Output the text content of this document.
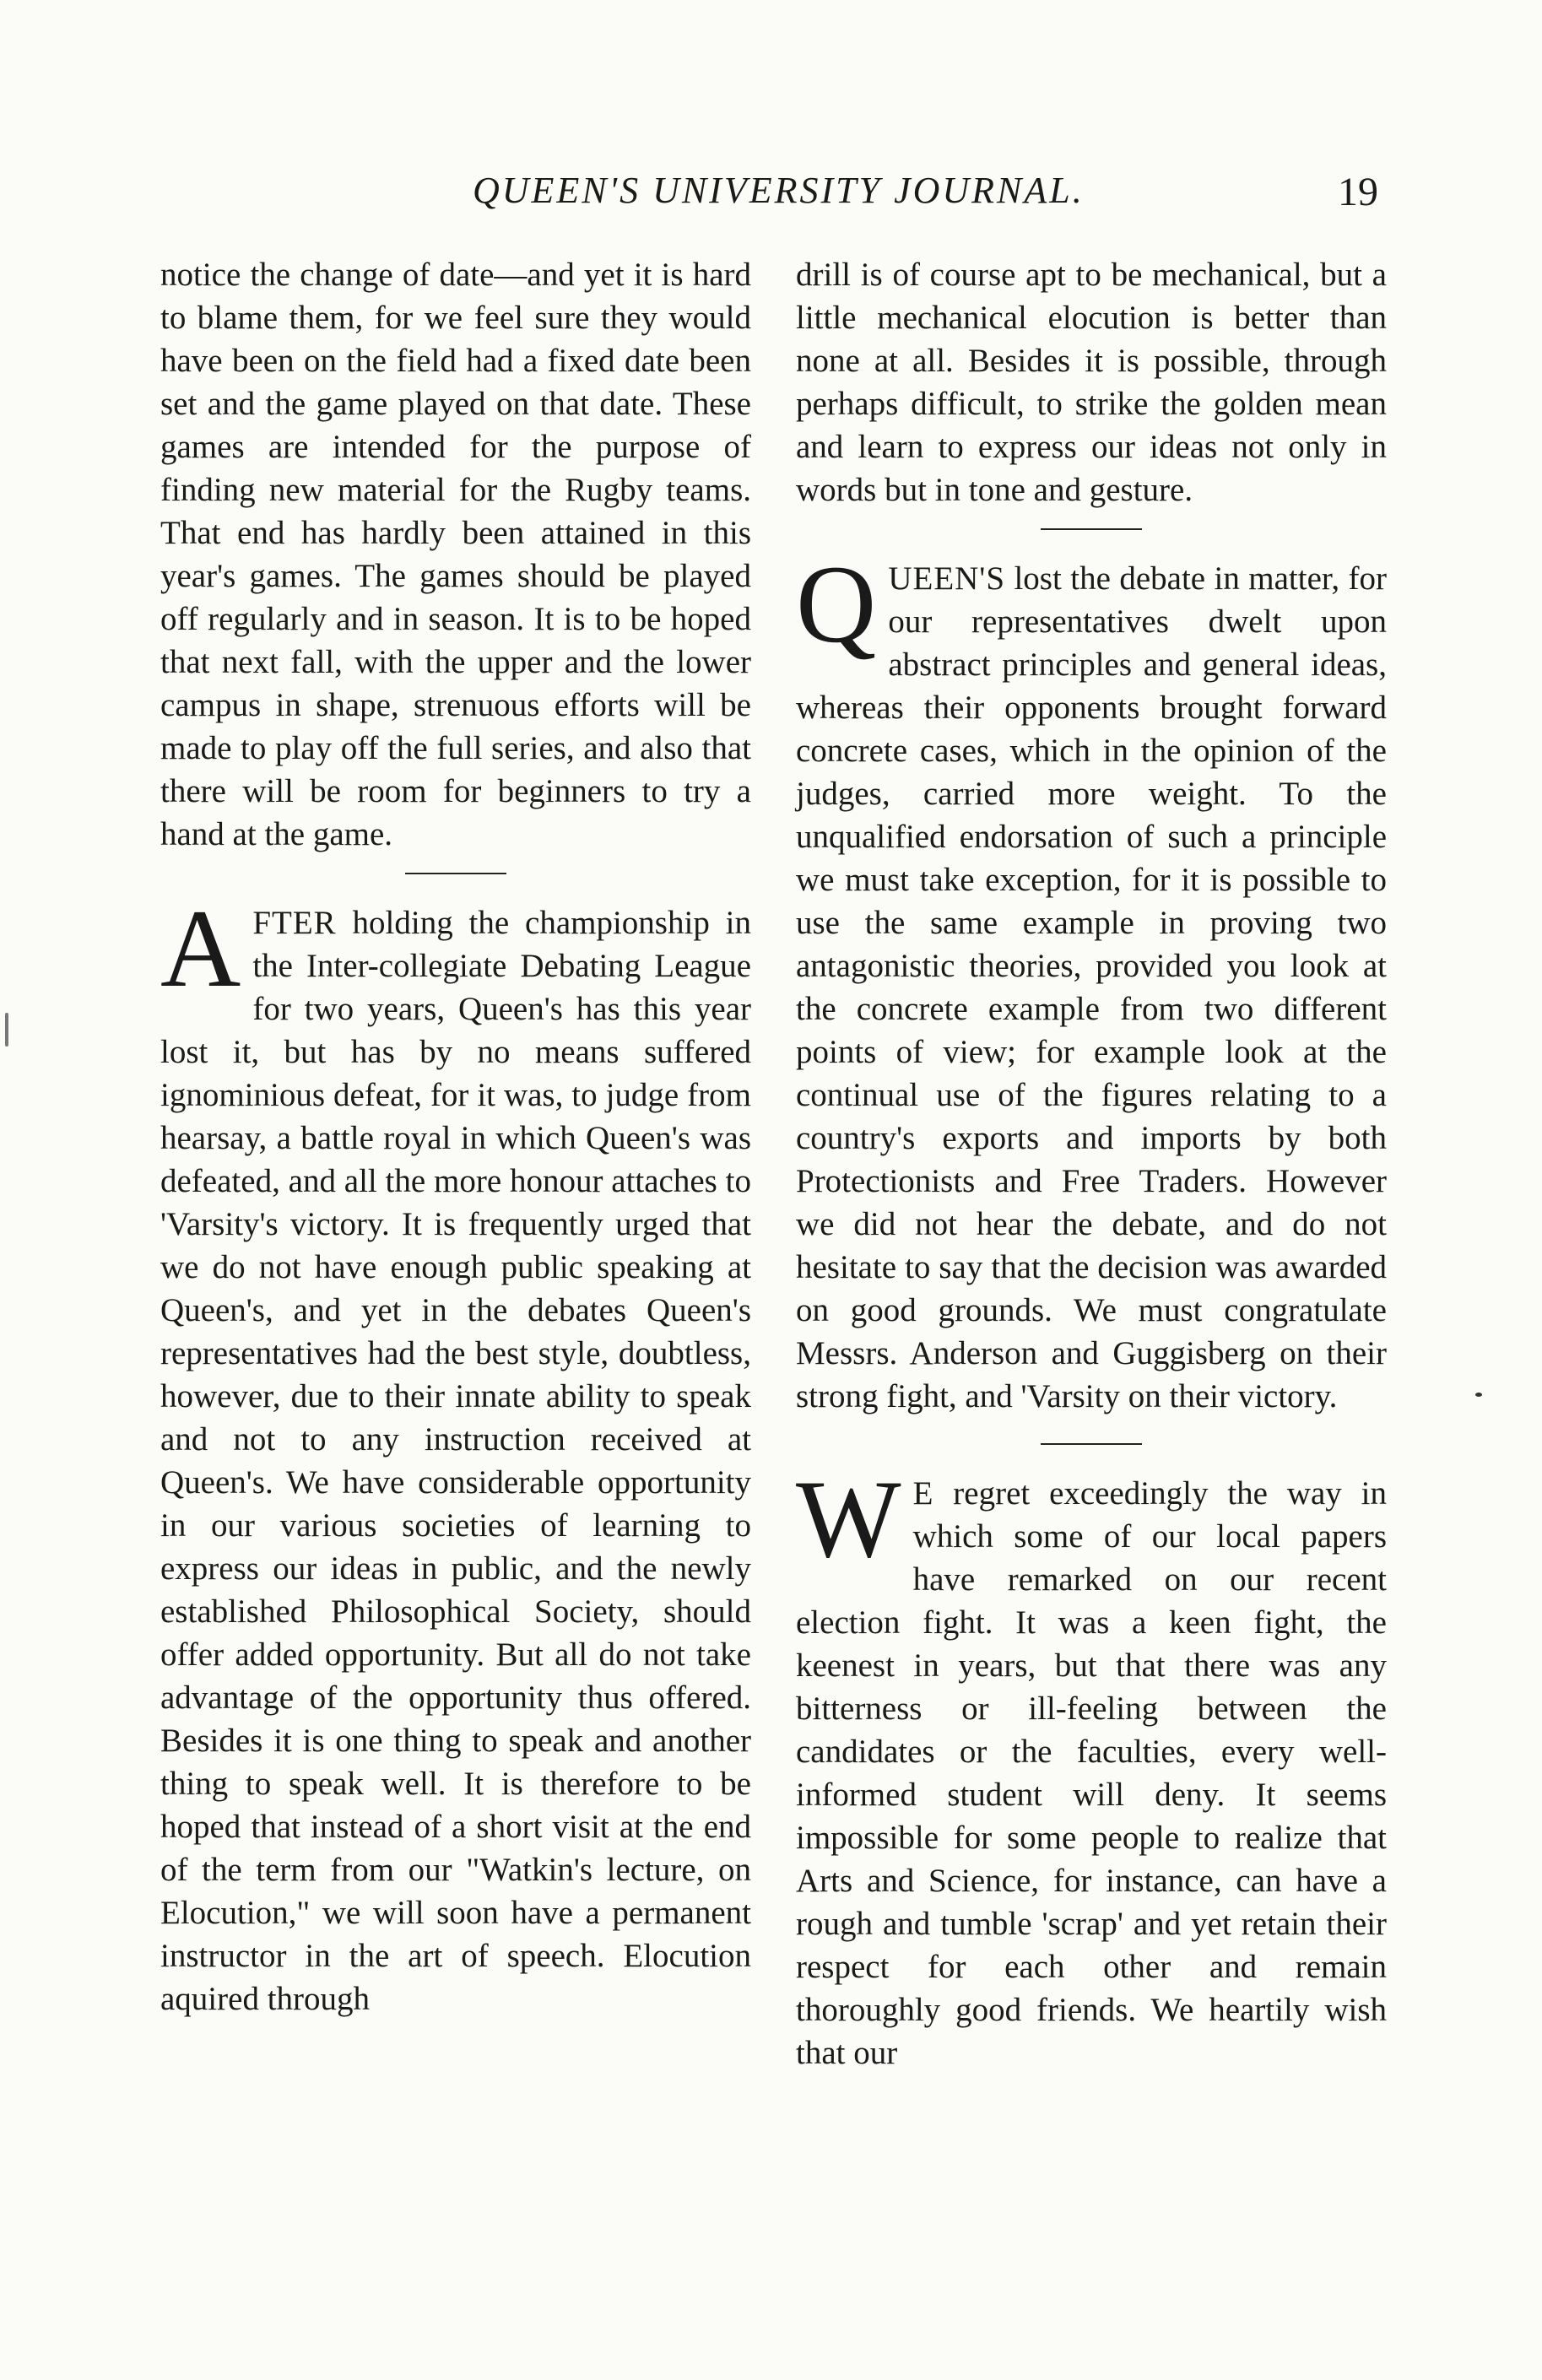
QUEEN'S UNIVERSITY JOURNAL.	19

notice the change of date—and yet it is hard to blame them, for we feel sure they would have been on the field had a fixed date been set and the game played on that date. These games are intended for the purpose of finding new material for the Rugby teams. That end has hardly been attained in this year's games. The games should be played off regularly and in season. It is to be hoped that next fall, with the upper and the lower campus in shape, strenuous efforts will be made to play off the full series, and also that there will be room for beginners to try a hand at the game.

AFTER holding the championship in the Inter-collegiate Debating League for two years, Queen's has this year lost it, but has by no means suffered ignominious defeat, for it was, to judge from hearsay, a battle royal in which Queen's was defeated, and all the more honour attaches to 'Varsity's victory. It is frequently urged that we do not have enough public speaking at Queen's, and yet in the debates Queen's representatives had the best style, doubtless, however, due to their innate ability to speak and not to any instruction received at Queen's. We have considerable opportunity in our various societies of learning to express our ideas in public, and the newly established Philosophical Society, should offer added opportunity. But all do not take advantage of the opportunity thus offered. Besides it is one thing to speak and another thing to speak well. It is therefore to be hoped that instead of a short visit at the end of the term from our "Watkin's lecture, on Elocution," we will soon have a permanent instructor in the art of speech. Elocution aquired through

drill is of course apt to be mechanical, but a little mechanical elocution is better than none at all. Besides it is possible, through perhaps difficult, to strike the golden mean and learn to express our ideas not only in words but in tone and gesture.

QUEEN'S lost the debate in matter, for our representatives dwelt upon abstract principles and general ideas, whereas their opponents brought forward concrete cases, which in the opinion of the judges, carried more weight. To the unqualified endorsation of such a principle we must take exception, for it is possible to use the same example in proving two antagonistic theories, provided you look at the concrete example from two different points of view; for example look at the continual use of the figures relating to a country's exports and imports by both Protectionists and Free Traders. However we did not hear the debate, and do not hesitate to say that the decision was awarded on good grounds. We must congratulate Messrs. Anderson and Guggisberg on their strong fight, and 'Varsity on their victory.

W E regret exceedingly the way in which some of our local papers have remarked on our recent election fight. It was a keen fight, the keenest in years, but that there was any bitterness or ill-feeling between the candidates or the faculties, every well-informed student will deny. It seems impossible for some people to realize that Arts and Science, for instance, can have a rough and tumble 'scrap' and yet retain their respect for each other and remain thoroughly good friends. We heartily wish that our
